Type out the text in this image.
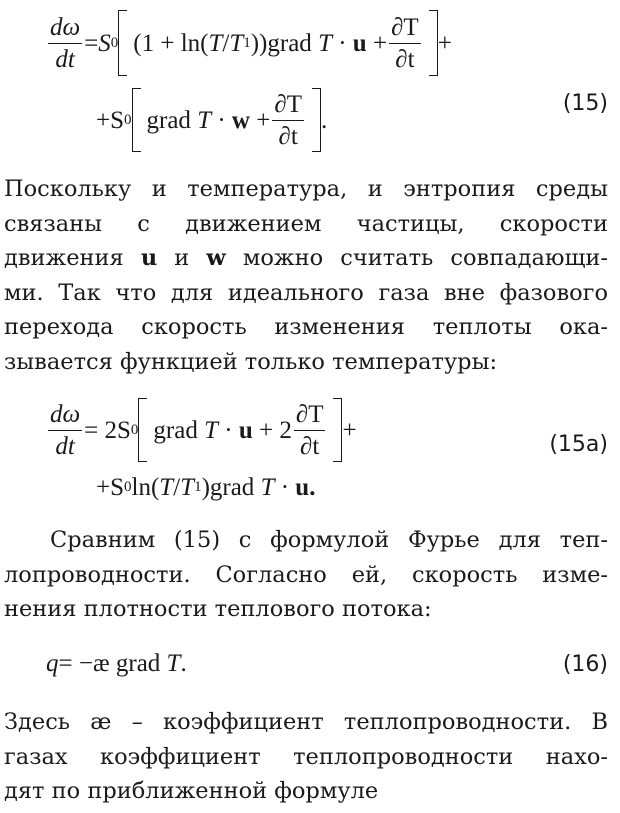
$\frac{d\omega}{dt} = S$ 0 (1 + ln( T / T 1 ))grad
T
·
u
+ $\frac{\partial T}{\partial t}$ +
+S 0 grad
T
·
w
+ $\frac{\partial T}{\partial t}$ .
(15)
Поскольку и температура, и энтропия среды
связаны с движением частицы, скорости
движения u и w можно считать совпадающи-
ми. Так что для идеального газа вне фазового
перехода скорость изменения теплоты ока-
зывается функцией только температуры:
$\frac{d\omega}{dt} = 2S$ 0 grad
T
·
u
+ $2 \frac{\partial T}{\partial t}$ +
+S 0 ln( T / T 1 )grad
T
·
u .
(15a)
Сравним (15) с формулой Фурье для теп-
лопроводности. Согласно ей, скорость изме-
нения плотности теплового потока:
q = −æ grad
T .	(16)
Здесь æ – коэффициент теплопроводности. В
газах коэффициент теплопроводности нахо-
дят по приближенной формуле
